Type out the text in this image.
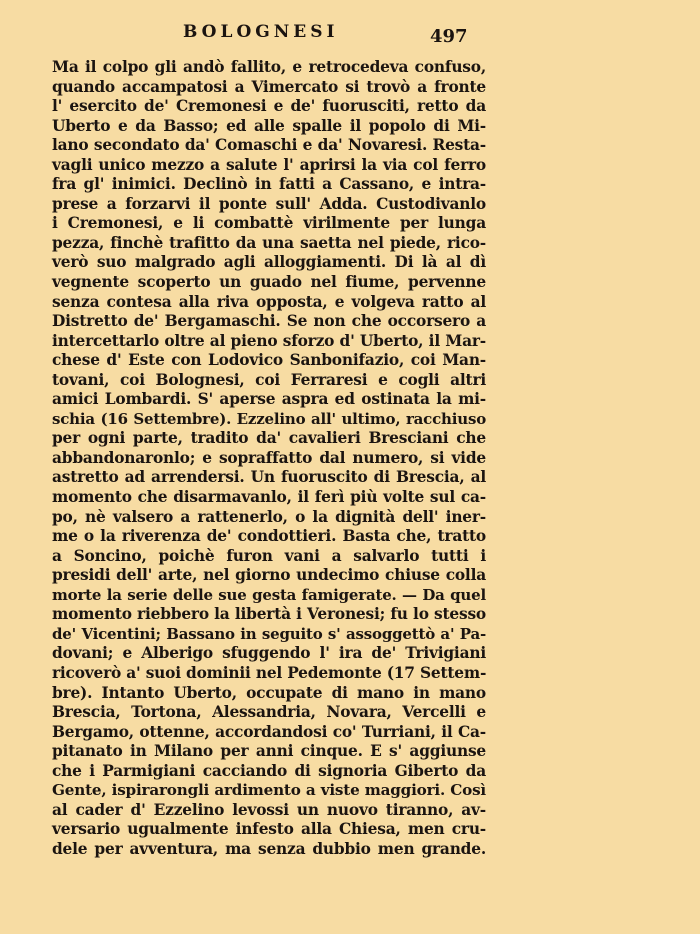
BOLOGNESI	497
Ma il colpo gli andò fallito, e retrocedeva confuso,
quando accampatosi a Vimercato si trovò a fronte
l' esercito de' Cremonesi e de' fuorusciti, retto da
Uberto e da Basso; ed alle spalle il popolo di Mi-
lano secondato da' Comaschi e da' Novaresi. Resta-
vagli unico mezzo a salute l' aprirsi la via col ferro
fra gl' inimici. Declinò in fatti a Cassano, e intra-
prese a forzarvi il ponte sull' Adda. Custodivanlo
i Cremonesi, e li combattè virilmente per lunga
pezza, finchè trafitto da una saetta nel piede, rico-
verò suo malgrado agli alloggiamenti. Di là al dì
vegnente scoperto un guado nel fiume, pervenne
senza contesa alla riva opposta, e volgeva ratto al
Distretto de' Bergamaschi. Se non che occorsero a
intercettarlo oltre al pieno sforzo d' Uberto, il Mar-
chese d' Este con Lodovico Sanbonifazio, coi Man-
tovani, coi Bolognesi, coi Ferraresi e cogli altri
amici Lombardi. S' aperse aspra ed ostinata la mi-
schia (16 Settembre). Ezzelino all' ultimo, racchiuso
per ogni parte, tradito da' cavalieri Bresciani che
abbandonaronlo; e sopraffatto dal numero, si vide
astretto ad arrendersi. Un fuoruscito di Brescia, al
momento che disarmavanlo, il ferì più volte sul ca-
po, nè valsero a rattenerlo, o la dignità dell' iner-
me o la riverenza de' condottieri. Basta che, tratto
a Soncino, poichè furon vani a salvarlo tutti i
presidi dell' arte, nel giorno undecimo chiuse colla
morte la serie delle sue gesta famigerate. — Da quel
momento riebbero la libertà i Veronesi; fu lo stesso
de' Vicentini; Bassano in seguito s' assoggettò a' Pa-
dovani; e Alberigo sfuggendo l' ira de' Trivigiani
ricoverò a' suoi dominii nel Pedemonte (17 Settem-
bre). Intanto Uberto, occupate di mano in mano
Brescia, Tortona, Alessandria, Novara, Vercelli e
Bergamo, ottenne, accordandosi co' Turriani, il Ca-
pitanato in Milano per anni cinque. E s' aggiunse
che i Parmigiani cacciando di signoria Giberto da
Gente, ispirarongli ardimento a viste maggiori. Così
al cader d' Ezzelino levossi un nuovo tiranno, av-
versario ugualmente infesto alla Chiesa, men cru-
dele per avventura, ma senza dubbio men grande.
